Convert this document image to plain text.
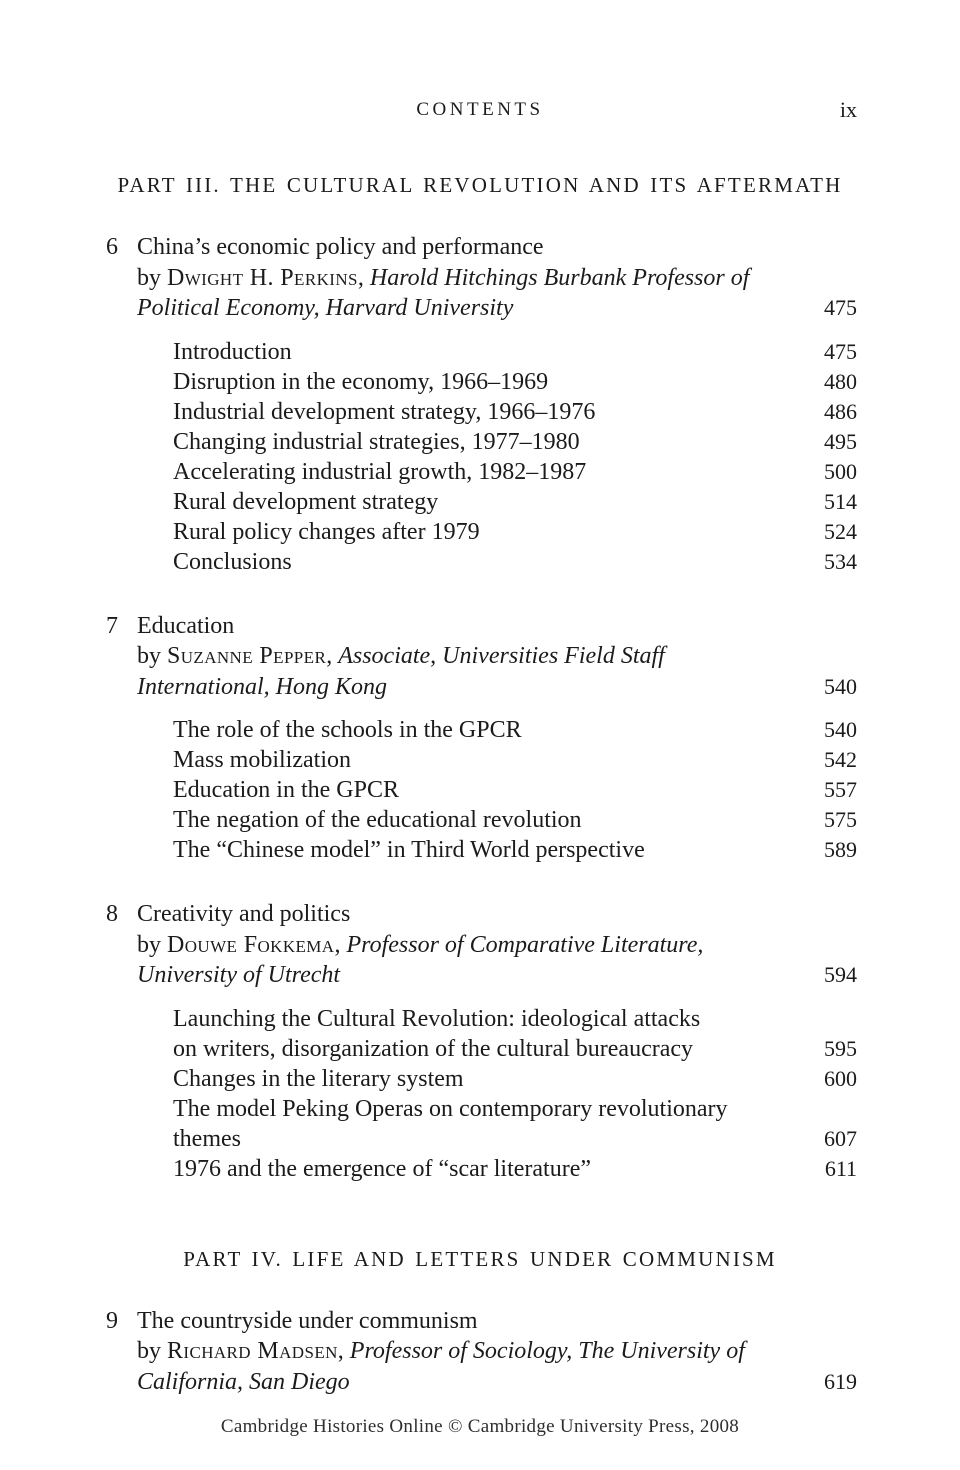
CONTENTS	ix
PART III. THE CULTURAL REVOLUTION AND ITS AFTERMATH
6 China’s economic policy and performance
by Dwight H. Perkins, Harold Hitchings Burbank Professor of
Political Economy, Harvard University	475
Introduction	475
Disruption in the economy, 1966–1969	480
Industrial development strategy, 1966–1976	486
Changing industrial strategies, 1977–1980	495
Accelerating industrial growth, 1982–1987	500
Rural development strategy	514
Rural policy changes after 1979	524
Conclusions	534
7 Education
by Suzanne Pepper, Associate, Universities Field Staff
International, Hong Kong	540
The role of the schools in the GPCR	540
Mass mobilization	542
Education in the GPCR	557
The negation of the educational revolution	575
The “Chinese model” in Third World perspective	589
8 Creativity and politics
by Douwe Fokkema, Professor of Comparative Literature,
University of Utrecht	594
Launching the Cultural Revolution: ideological attacks
on writers, disorganization of the cultural bureaucracy	595
Changes in the literary system	600
The model Peking Operas on contemporary revolutionary
themes	607
1976 and the emergence of “scar literature”	611
PART IV. LIFE AND LETTERS UNDER COMMUNISM
9 The countryside under communism
by Richard Madsen, Professor of Sociology, The University of
California, San Diego	619
Cambridge Histories Online © Cambridge University Press, 2008
